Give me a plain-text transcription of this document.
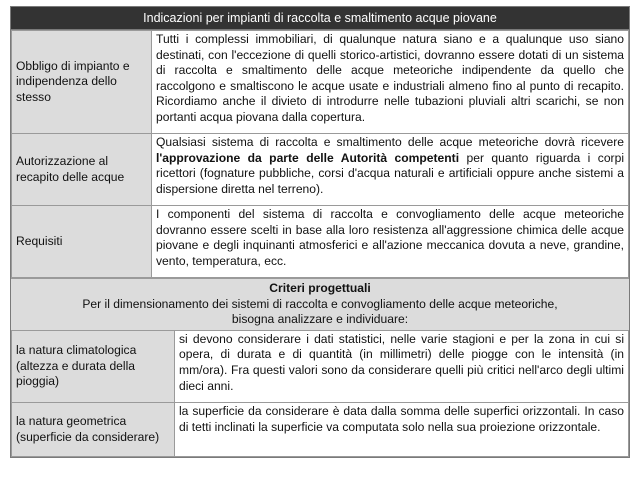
Indicazioni per impianti di raccolta e smaltimento acque piovane
Obbligo di impianto e indipendenza dello stesso	Tutti i complessi immobiliari, di qualunque natura siano e a qualunque uso siano destinati, con l'eccezione di quelli storico-artistici, dovranno essere dotati di un sistema di raccolta e smaltimento delle acque meteoriche indipendente da quello che raccolgono e smaltiscono le acque usate e industriali almeno fino al punto di recapito. Ricordiamo anche il divieto di introdurre nelle tubazioni pluviali altri scarichi, se non portanti acqua piovana dalla copertura.
Autorizzazione al recapito delle acque	Qualsiasi sistema di raccolta e smaltimento delle acque meteoriche dovrà ricevere l'approvazione da parte delle Autorità competenti per quanto riguarda i corpi ricettori (fognature pubbliche, corsi d'acqua naturali e artificiali oppure anche sistemi a dispersione diretta nel terreno).
Requisiti	I componenti del sistema di raccolta e convogliamento delle acque meteoriche dovranno essere scelti in base alla loro resistenza all'aggressione chimica delle acque piovane e degli inquinanti atmosferici e all'azione meccanica dovuta a neve, grandine, vento, temperatura, ecc.
Criteri progettuali
Per il dimensionamento dei sistemi di raccolta e convogliamento delle acque meteoriche,
bisogna analizzare e individuare:
la natura climatologica (altezza e durata della pioggia)	si devono considerare i dati statistici, nelle varie stagioni e per la zona in cui si opera, di durata e di quantità (in millimetri) delle piogge con le intensità (in mm/ora). Fra questi valori sono da considerare quelli più critici nell'arco degli ultimi dieci anni.
la natura geometrica (superficie da considerare)	la superficie da considerare è data dalla somma delle superfici orizzontali. In caso di tetti inclinati la superficie va computata solo nella sua proiezione orizzontale.
